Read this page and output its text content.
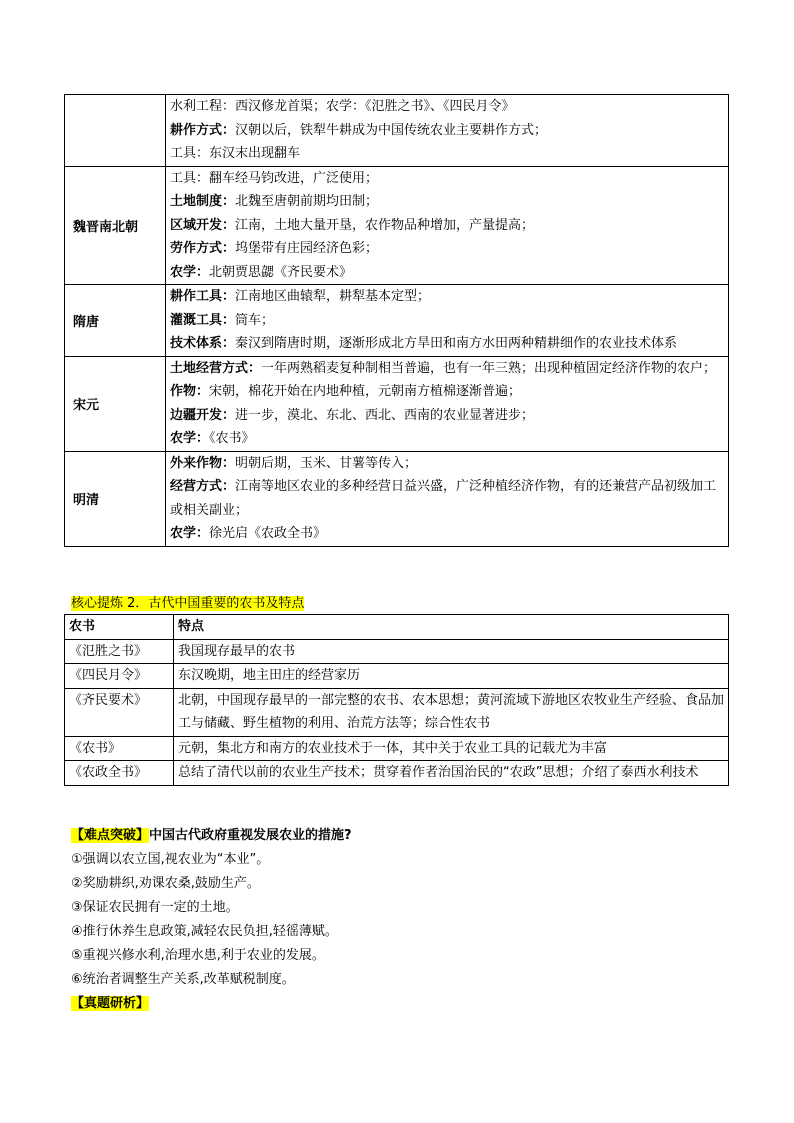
	水利工程：西汉修龙首渠；农学：《氾胜之书》、《四民月令》
耕作方式：汉朝以后，铁犁牛耕成为中国传统农业主要耕作方式；
工具：东汉末出现翻车

魏晋南北朝	工具：翻车经马钧改进，广泛使用；
土地制度：北魏至唐朝前期均田制；
区域开发：江南，土地大量开垦，农作物品种增加，产量提高；
劳作方式：坞堡带有庄园经济色彩；
农学：北朝贾思勰《齐民要术》

隋唐	耕作工具：江南地区曲辕犁，耕犁基本定型；
灌溉工具：筒车；
技术体系：秦汉到隋唐时期，逐渐形成北方旱田和南方水田两种精耕细作的农业技术体系

宋元	土地经营方式：一年两熟稻麦复种制相当普遍，也有一年三熟；出现种植固定经济作物的农户；
作物：宋朝，棉花开始在内地种植，元朝南方植棉逐渐普遍；
边疆开发：进一步，漠北、东北、西北、西南的农业显著进步；
农学：《农书》

明清	外来作物：明朝后期，玉米、甘薯等传入；
经营方式：江南等地区农业的多种经营日益兴盛，广泛种植经济作物，有的还兼营产品初级加工或相关副业；
农学：徐光启《农政全书》
核心提炼 2．古代中国重要的农书及特点
农书	特点
《氾胜之书》	我国现存最早的农书
《四民月令》	东汉晚期，地主田庄的经营家历
《齐民要术》	北朝，中国现存最早的一部完整的农书、农本思想；黄河流域下游地区农牧业生产经验、食品加工与储藏、野生植物的利用、治荒方法等；综合性农书
《农书》	元朝，集北方和南方的农业技术于一体，其中关于农业工具的记载尤为丰富
《农政全书》	总结了清代以前的农业生产技术；贯穿着作者治国治民的“农政”思想；介绍了泰西水利技术
【难点突破】中国古代政府重视发展农业的措施?
①强调以农立国,视农业为“本业”。
②奖励耕织,劝课农桑,鼓励生产。
③保证农民拥有一定的土地。
④推行休养生息政策,减轻农民负担,轻徭薄赋。
⑤重视兴修水利,治理水患,利于农业的发展。
⑥统治者调整生产关系,改革赋税制度。
【真题研析】
